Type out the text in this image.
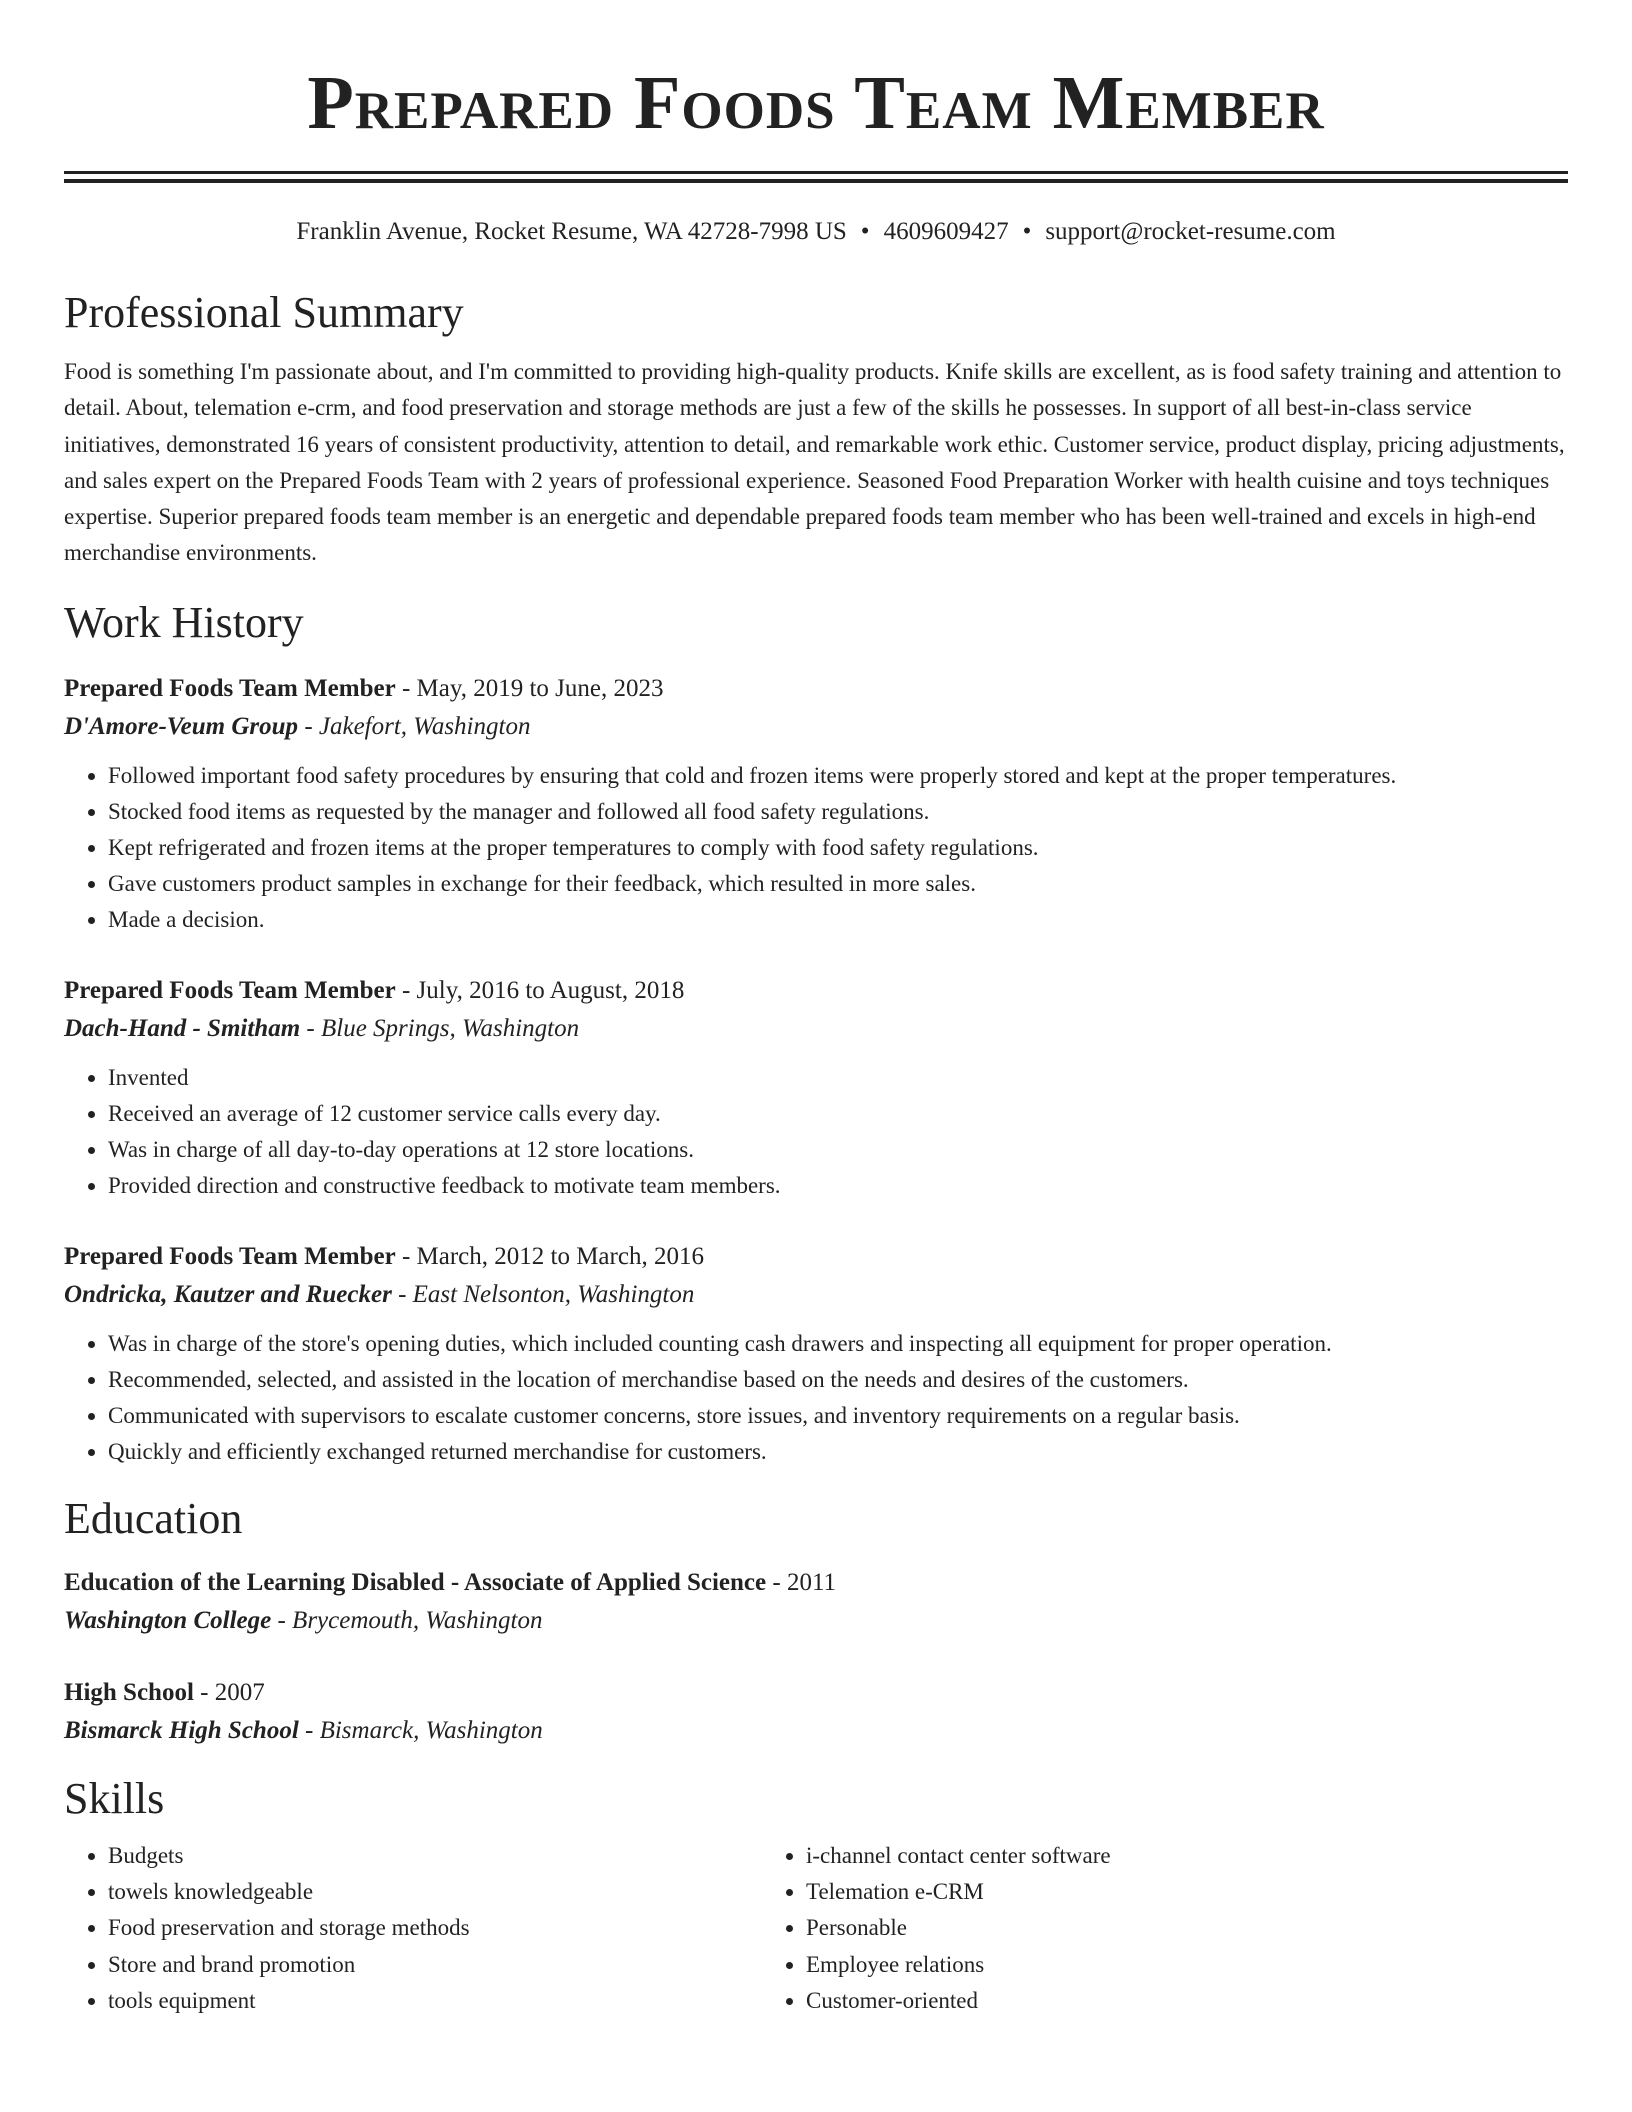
Prepared Foods Team Member
Franklin Avenue, Rocket Resume, WA 42728-7998 US • 4609609427 • support@rocket-resume.com
Professional Summary

Food is something I'm passionate about, and I'm committed to providing high-quality products. Knife skills are excellent, as is food safety training and attention to detail. About, telemation e-crm, and food preservation and storage methods are just a few of the skills he possesses. In support of all best-in-class service initiatives, demonstrated 16 years of consistent productivity, attention to detail, and remarkable work ethic. Customer service, product display, pricing adjustments, and sales expert on the Prepared Foods Team with 2 years of professional experience. Seasoned Food Preparation Worker with health cuisine and toys techniques expertise. Superior prepared foods team member is an energetic and dependable prepared foods team member who has been well-trained and excels in high-end merchandise environments.

Work History
Prepared Foods Team Member - May, 2019 to June, 2023
D'Amore-Veum Group - Jakefort, Washington
• Followed important food safety procedures by ensuring that cold and frozen items were properly stored and kept at the proper temperatures.
• Stocked food items as requested by the manager and followed all food safety regulations.
• Kept refrigerated and frozen items at the proper temperatures to comply with food safety regulations.
• Gave customers product samples in exchange for their feedback, which resulted in more sales.
• Made a decision.
Prepared Foods Team Member - July, 2016 to August, 2018
Dach-Hand - Smitham - Blue Springs, Washington
• Invented
• Received an average of 12 customer service calls every day.
• Was in charge of all day-to-day operations at 12 store locations.
• Provided direction and constructive feedback to motivate team members.
Prepared Foods Team Member - March, 2012 to March, 2016
Ondricka, Kautzer and Ruecker - East Nelsonton, Washington
• Was in charge of the store's opening duties, which included counting cash drawers and inspecting all equipment for proper operation.
• Recommended, selected, and assisted in the location of merchandise based on the needs and desires of the customers.
• Communicated with supervisors to escalate customer concerns, store issues, and inventory requirements on a regular basis.
• Quickly and efficiently exchanged returned merchandise for customers.
Education
Education of the Learning Disabled - Associate of Applied Science - 2011
Washington College - Brycemouth, Washington
High School - 2007
Bismarck High School - Bismarck, Washington
Skills
• Budgets
• towels knowledgeable
• Food preservation and storage methods
• Store and brand promotion
• tools equipment
• i-channel contact center software
• Telemation e-CRM
• Personable
• Employee relations
• Customer-oriented
